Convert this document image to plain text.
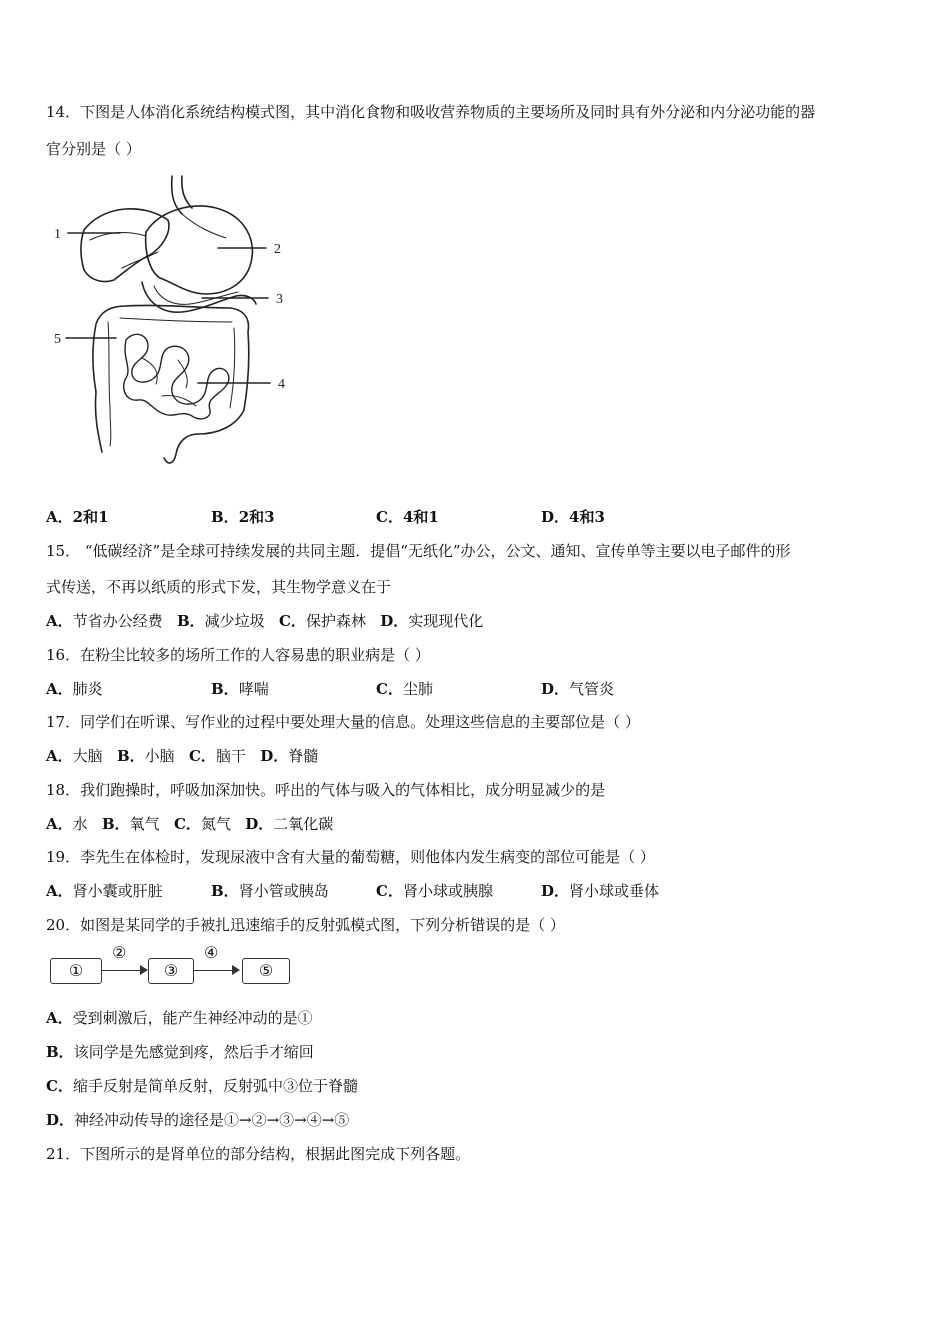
14．下图是人体消化系统结构模式图，其中消化食物和吸收营养物质的主要场所及同时具有外分泌和内分泌功能的器
官分别是（ ）
1
2
3
4
5
A．2和1	B．2和3	C．4和1	D．4和3
15． “低碳经济”是全球可持续发展的共同主题．提倡“无纸化”办公，公文、通知、宣传单等主要以电子邮件的形
式传送，不再以纸质的形式下发，其生物学意义在于
A．节省办公经费 B．减少垃圾 C．保护森林 D．实现现代化
16．在粉尘比较多的场所工作的人容易患的职业病是（ ）
A．肺炎	B．哮喘	C．尘肺	D．气管炎
17．同学们在听课、写作业的过程中要处理大量的信息。处理这些信息的主要部位是（ ）
A．大脑 B．小脑 C．脑干 D．脊髓
18．我们跑操时，呼吸加深加快。呼出的气体与吸入的气体相比，成分明显减少的是
A．水 B．氧气 C．氮气 D．二氧化碳
19．李先生在体检时，发现尿液中含有大量的葡萄糖，则他体内发生病变的部位可能是（ ）
A．肾小囊或肝脏	B．肾小管或胰岛	C．肾小球或胰腺	D．肾小球或垂体
20．如图是某同学的手被扎迅速缩手的反射弧模式图，下列分析错误的是（ ）
①
②
③
④
⑤
A．受到刺激后，能产生神经冲动的是①
B．该同学是先感觉到疼，然后手才缩回
C．缩手反射是简单反射，反射弧中③位于脊髓
D．神经冲动传导的途径是①→②→③→④→⑤
21．下图所示的是肾单位的部分结构，根据此图完成下列各题。
